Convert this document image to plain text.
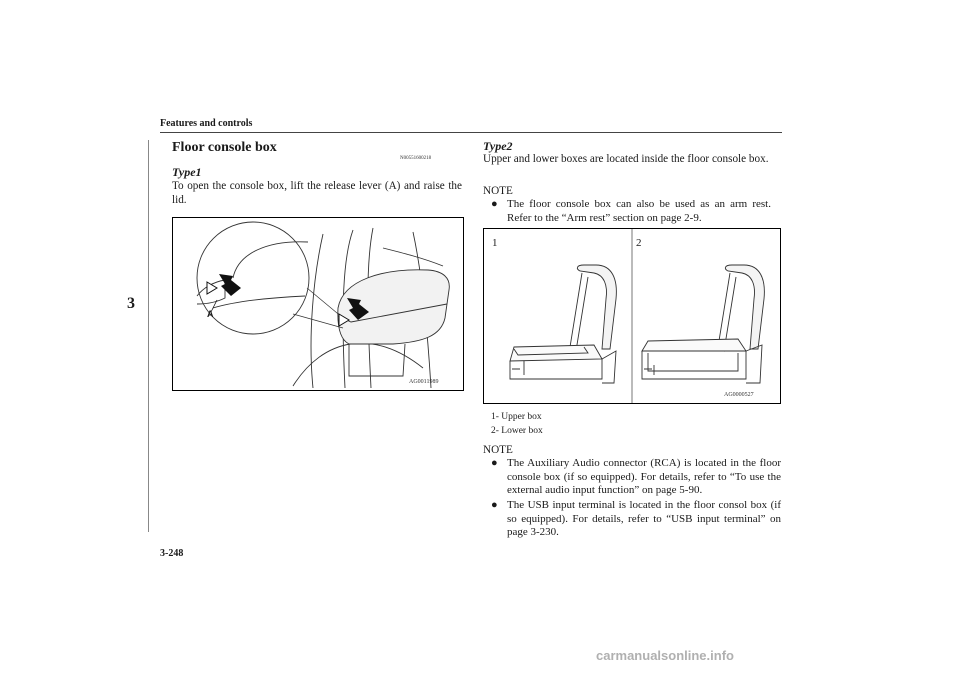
Features and controls
3
3-248
Floor console box
N00551600218
Type1
To open the console box, lift the release lever (A) and raise the lid.
A
AG0011989
Type2
Upper and lower boxes are located inside the floor console box.
NOTE
● The floor console box can also be used as an arm rest. Refer to the “Arm rest” section on page 2-9.
1	2
AG0000527
1- Upper box
2- Lower box
NOTE
● The Auxiliary Audio connector (RCA) is located in the floor console box (if so equipped). For details, refer to “To use the external audio input function” on page 5-90.
● The USB input terminal is located in the floor consol box (if so equipped). For details, refer to “USB input terminal” on page 3-230.
carmanualsonline.info
